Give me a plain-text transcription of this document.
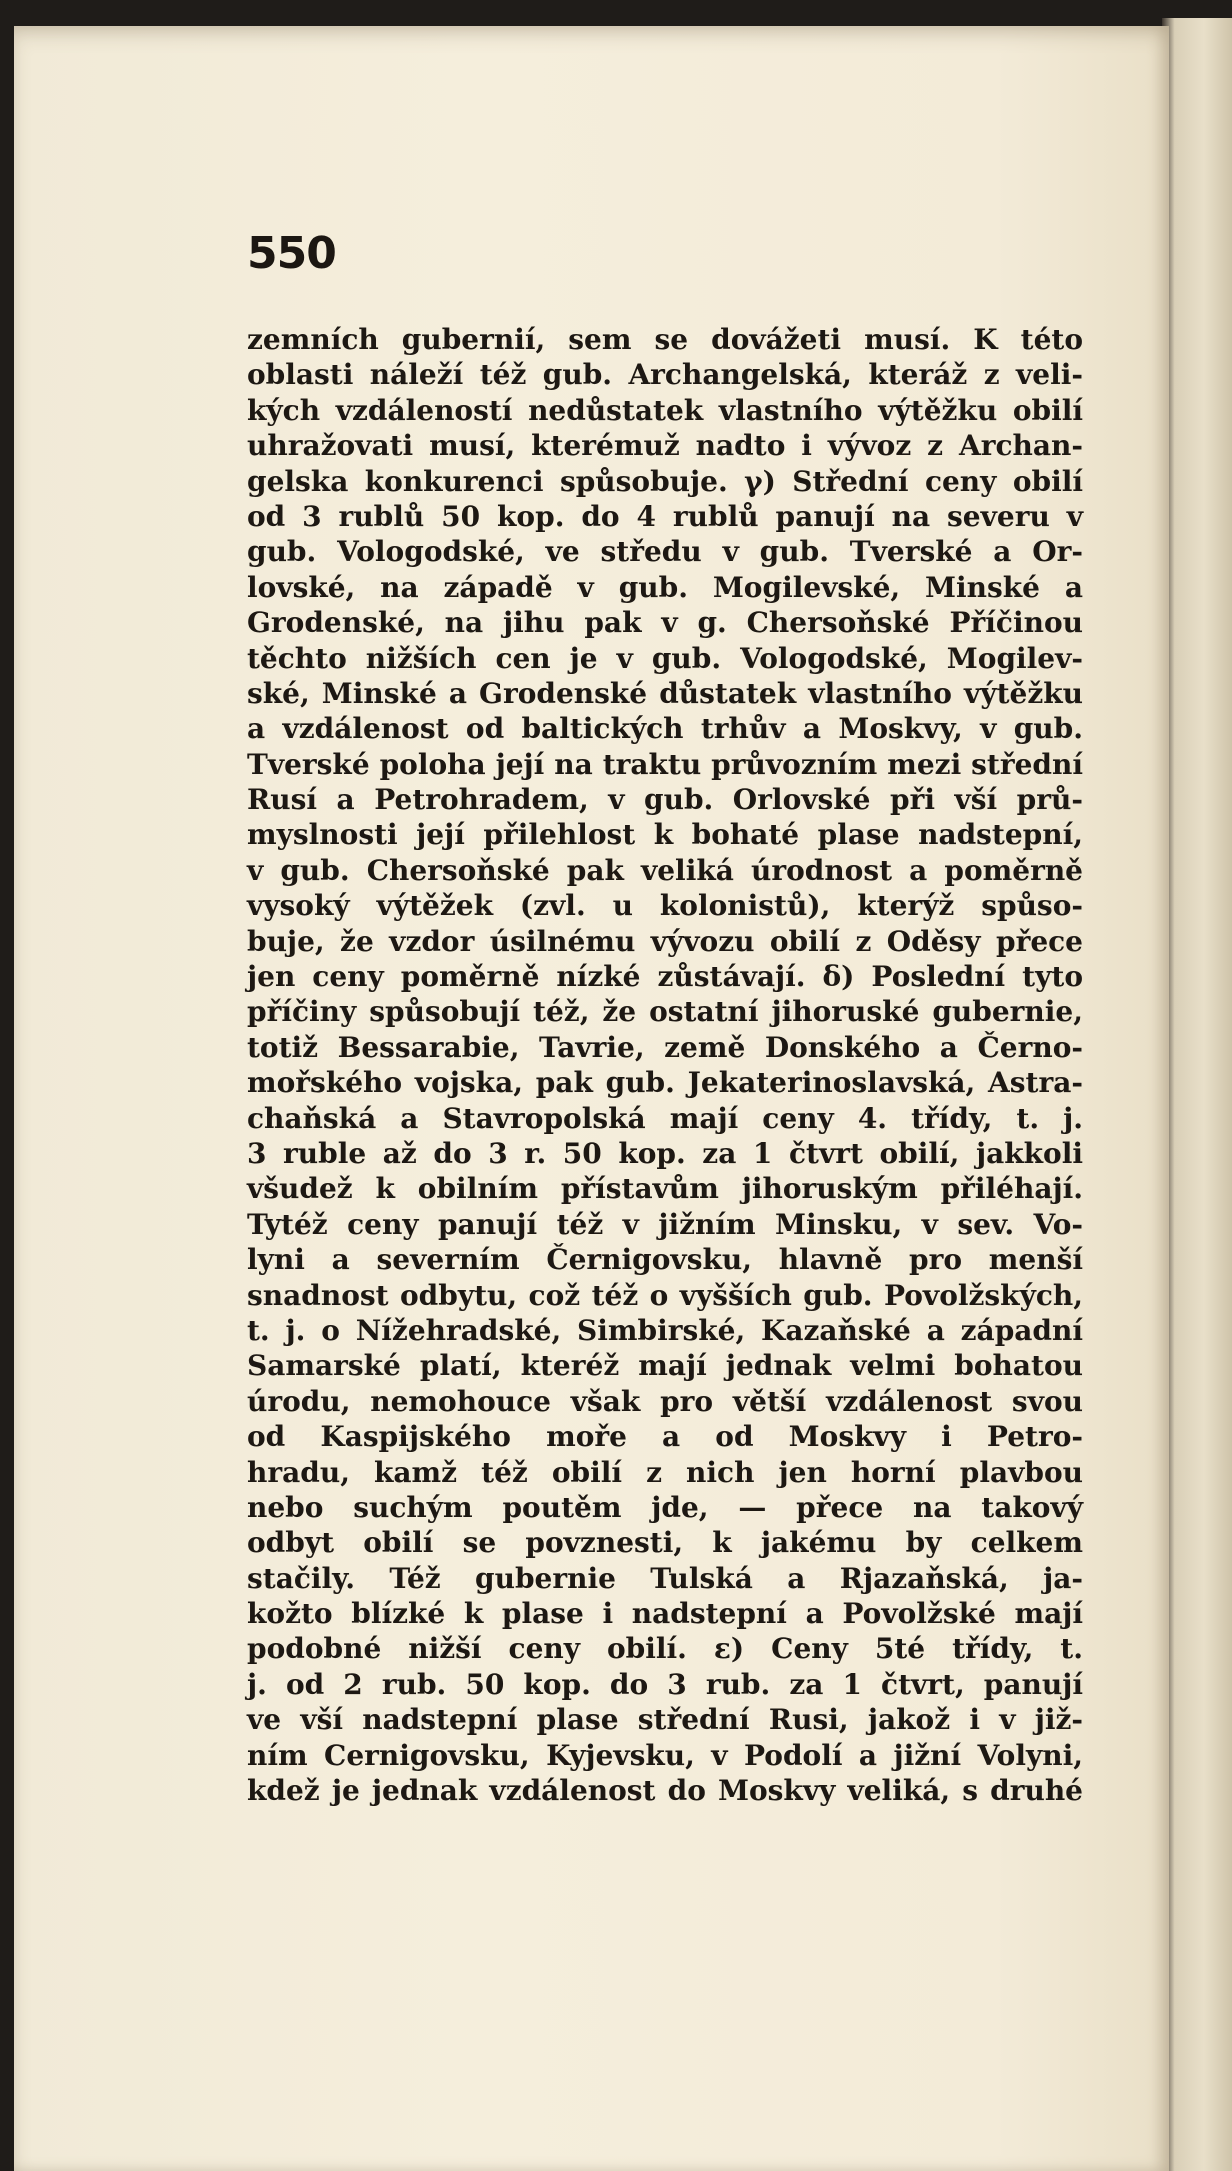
550
zemních gubernií, sem se dovážeti musí. K této
oblasti náleží též gub. Archangelská, kteráž z veli-
kých vzdáleností nedůstatek vlastního výtěžku obilí
uhražovati musí, kterémuž nadto i vývoz z Archan-
gelska konkurenci spůsobuje. γ) Střední ceny obilí
od 3 rublů 50 kop. do 4 rublů panují na severu v
gub. Vologodské, ve středu v gub. Tverské a Or-
lovské, na západě v gub. Mogilevské, Minské a
Grodenské, na jihu pak v g. Chersoňské Příčinou
těchto nižších cen je v gub. Vologodské, Mogilev-
ské, Minské a Grodenské důstatek vlastního výtěžku
a vzdálenost od baltických trhův a Moskvy, v gub.
Tverské poloha její na traktu průvozním mezi střední
Rusí a Petrohradem, v gub. Orlovské při vší prů-
myslnosti její přilehlost k bohaté plase nadstepní,
v gub. Chersoňské pak veliká úrodnost a poměrně
vysoký výtěžek (zvl. u kolonistů), kterýž spůso-
buje, že vzdor úsilnému vývozu obilí z Oděsy přece
jen ceny poměrně nízké zůstávají. δ) Poslední tyto
příčiny spůsobují též, že ostatní jihoruské gubernie,
totiž Bessarabie, Tavrie, země Donského a Černo-
mořského vojska, pak gub. Jekaterinoslavská, Astra-
chaňská a Stavropolská mají ceny 4. třídy, t. j.
3 ruble až do 3 r. 50 kop. za 1 čtvrt obilí, jakkoli
všudež k obilním přístavům jihoruským přiléhají.
Tytéž ceny panují též v jižním Minsku, v sev. Vo-
lyni a severním Černigovsku, hlavně pro menší
snadnost odbytu, což též o vyšších gub. Povolžských,
t. j. o Nížehradské, Simbirské, Kazaňské a západní
Samarské platí, kteréž mají jednak velmi bohatou
úrodu, nemohouce však pro větší vzdálenost svou
od Kaspijského moře a od Moskvy i Petro-
hradu, kamž též obilí z nich jen horní plavbou
nebo suchým poutěm jde, — přece na takový
odbyt obilí se povznesti, k jakému by celkem
stačily. Též gubernie Tulská a Rjazaňská, ja-
kožto blízké k plase i nadstepní a Povolžské mají
podobné nižší ceny obilí. ε) Ceny 5té třídy, t.
j. od 2 rub. 50 kop. do 3 rub. za 1 čtvrt, panují
ve vší nadstepní plase střední Rusi, jakož i v již-
ním Cernigovsku, Kyjevsku, v Podolí a jižní Volyni,
kdež je jednak vzdálenost do Moskvy veliká, s druhé
